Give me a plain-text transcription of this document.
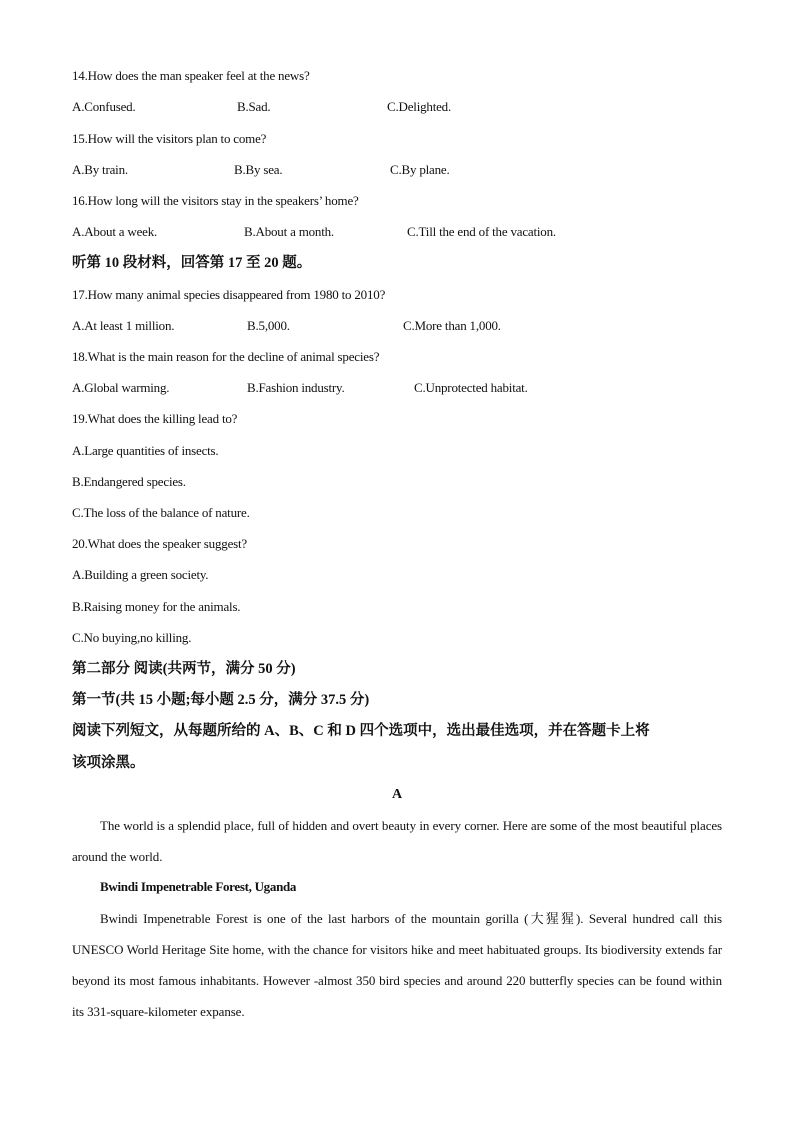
14.How does the man speaker feel at the news?
A.Confused.	B.Sad.	C.Delighted.
15.How will the visitors plan to come?
A.By train.	B.By sea.	C.By plane.
16.How long will the visitors stay in the speakers’ home?
A.About a week.	B.About a month.	C.Till the end of the vacation.
听第 10 段材料，回答第 17 至 20 题。
17.How many animal species disappeared from 1980 to 2010?
A.At least 1 million.	B.5,000.	C.More than 1,000.
18.What is the main reason for the decline of animal species?
A.Global warming.	B.Fashion industry.	C.Unprotected habitat.
19.What does the killing lead to?
A.Large quantities of insects.
B.Endangered species.
C.The loss of the balance of nature.
20.What does the speaker suggest?
A.Building a green society.
B.Raising money for the animals.
C.No buying,no killing.
第二部分 阅读(共两节，满分 50 分)
第一节(共 15 小题;每小题 2.5 分，满分 37.5 分)
阅读下列短文，从每题所给的 A、B、C 和 D 四个选项中，选出最佳选项，并在答题卡上将
该项涂黑。
A
The world is a splendid place, full of hidden and overt beauty in every corner. Here are some of the most beautiful places around the world.
Bwindi Impenetrable Forest, Uganda
Bwindi Impenetrable Forest is one of the last harbors of the mountain gorilla (大猩猩). Several hundred call this UNESCO World Heritage Site home, with the chance for visitors hike and meet habituated groups. Its biodiversity extends far beyond its most famous inhabitants. However -almost 350 bird species and around 220 butterfly species can be found within its 331-square-kilometer expanse.
